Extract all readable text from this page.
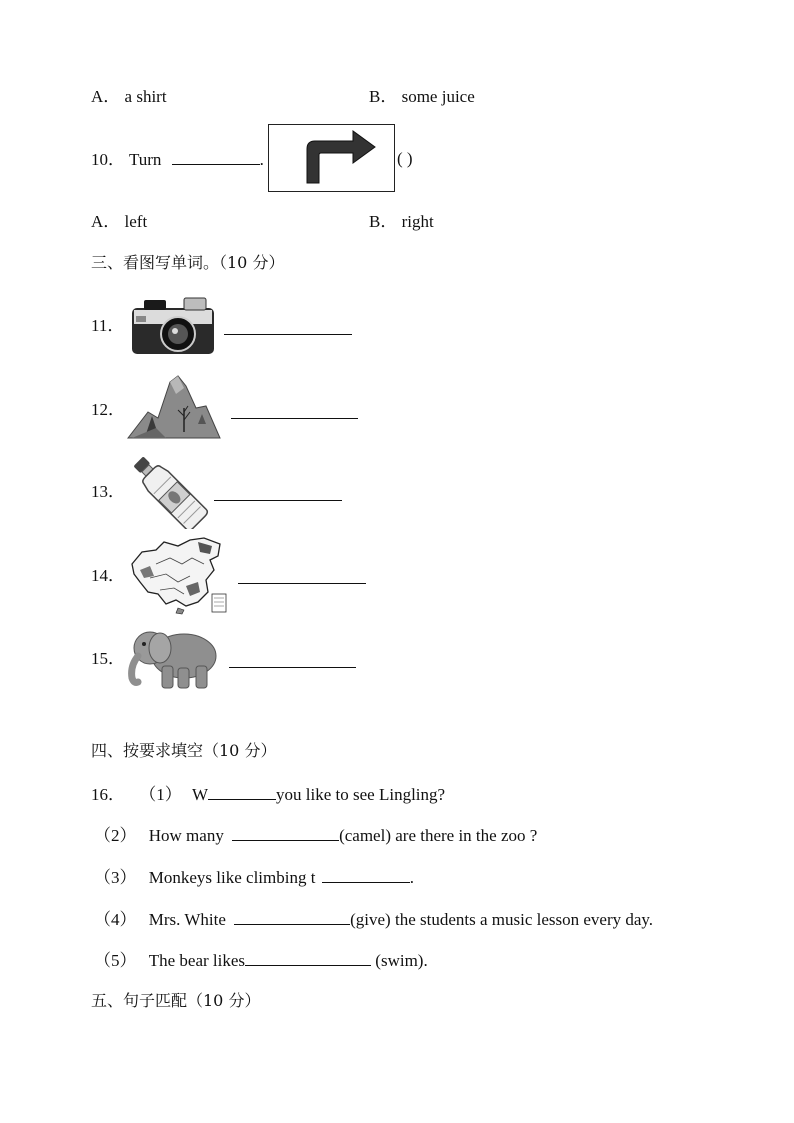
A． a shirt	B． some juice
10． Turn	.	( )
A． left	B． right
三、看图写单词。（10 分）
11．
12．
13．
14．
15．
四、按要求填空（10 分）
16． （1） W	you like to see Lingling?
（2） How many	(camel) are there in the zoo ?
（3） Monkeys like climbing t	.
（4） Mrs. White	(give) the students a music lesson every day.
（5） The bear likes	(swim).
五、句子匹配（10 分）
